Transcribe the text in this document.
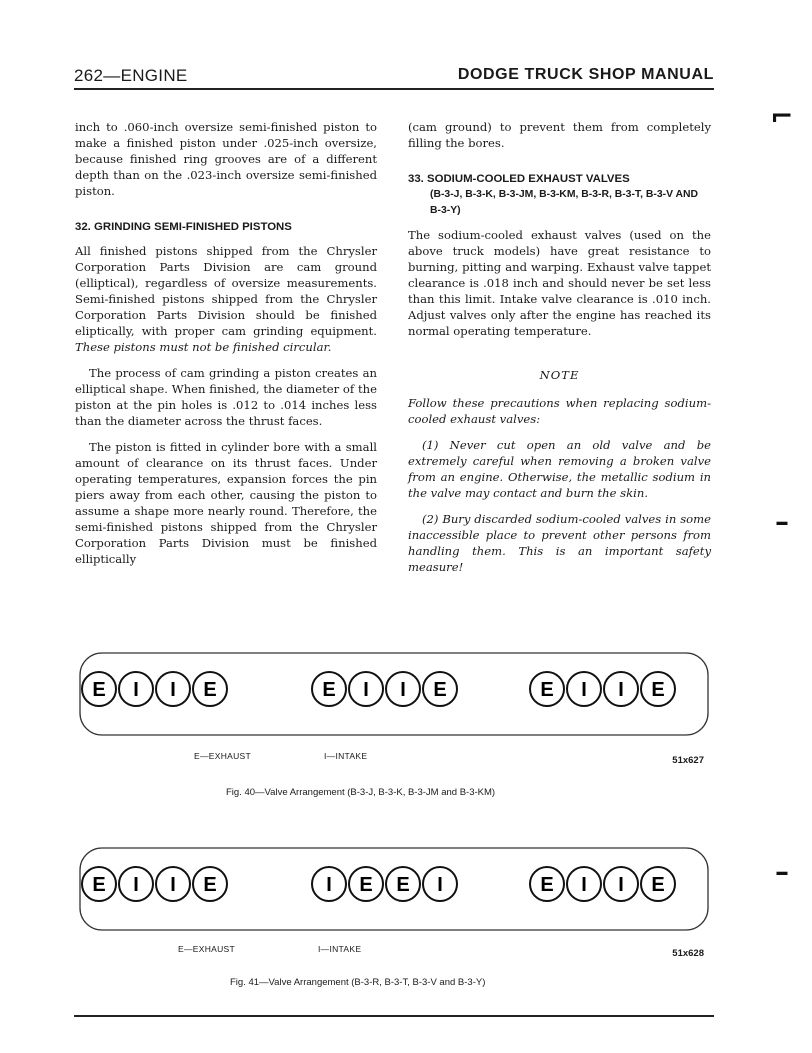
262—ENGINE	DODGE TRUCK SHOP MANUAL

inch to .060-inch oversize semi-finished piston to make a finished piston under .025-inch oversize, because finished ring grooves are of a different depth than on the .023-inch oversize semi-finished piston.

32. GRINDING SEMI-FINISHED PISTONS

All finished pistons shipped from the Chrysler Corporation Parts Division are cam ground (elliptical), regardless of oversize measurements. Semi-finished pistons shipped from the Chrysler Corporation Parts Division should be finished eliptically, with proper cam grinding equipment. These pistons must not be finished circular.

The process of cam grinding a piston creates an elliptical shape. When finished, the diameter of the piston at the pin holes is .012 to .014 inches less than the diameter across the thrust faces.

The piston is fitted in cylinder bore with a small amount of clearance on its thrust faces. Under operating temperatures, expansion forces the pin piers away from each other, causing the piston to assume a shape more nearly round. Therefore, the semi-finished pistons shipped from the Chrysler Corporation Parts Division must be finished elliptically

(cam ground) to prevent them from completely filling the bores.

33. SODIUM-COOLED EXHAUST VALVES
(B-3-J, B-3-K, B-3-JM, B-3-KM, B-3-R, B-3-T, B-3-V AND B-3-Y)

The sodium-cooled exhaust valves (used on the above truck models) have great resistance to burning, pitting and warping. Exhaust valve tappet clearance is .018 inch and should never be set less than this limit. Intake valve clearance is .010 inch. Adjust valves only after the engine has reached its normal operating temperature.

NOTE

Follow these precautions when replacing sodium-cooled exhaust valves:

(1) Never cut open an old valve and be extremely careful when removing a broken valve from an engine. Otherwise, the metallic sodium in the valve may contact and burn the skin.

(2) Bury discarded sodium-cooled valves in some inaccessible place to prevent other persons from handling them. This is an important safety measure!

⌐
–
–
E I I E	E I I E	E I I E
E—EXHAUST	I—INTAKE	51x627
Fig. 40—Valve Arrangement (B-3-J, B-3-K, B-3-JM and B-3-KM)
E I I E	I E E I	E I I E
E—EXHAUST	I—INTAKE	51x628
Fig. 41—Valve Arrangement (B-3-R, B-3-T, B-3-V and B-3-Y)
